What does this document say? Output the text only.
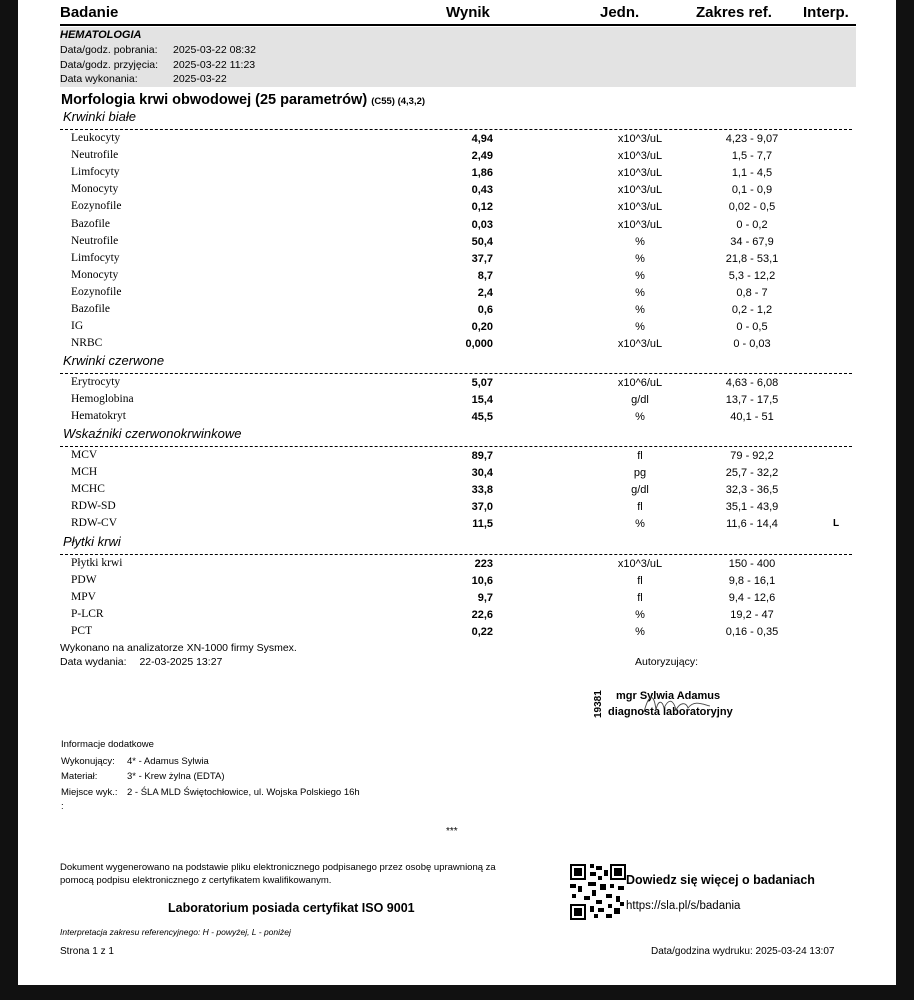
Badanie	Wynik	Jedn.	Zakres ref. Interp.
HEMATOLOGIA
Data/godz. pobrania: 2025-03-22 08:32
Data/godz. przyjęcia: 2025-03-22 11:23
Data wykonania:	2025-03-22
Morfologia krwi obwodowej (25 parametrów) (C55) (4,3,2)
Krwinki białe
Leukocyty	4,94	x10^3/uL	4,23 - 9,07
Neutrofile	2,49	x10^3/uL	1,5 - 7,7
Limfocyty	1,86	x10^3/uL	1,1 - 4,5
Monocyty	0,43	x10^3/uL	0,1 - 0,9
Eozynofile	0,12	x10^3/uL	0,02 - 0,5
Bazofile	0,03	x10^3/uL	0 - 0,2
Neutrofile	50,4	%	34 - 67,9
Limfocyty	37,7	%	21,8 - 53,1
Monocyty	8,7	%	5,3 - 12,2
Eozynofile	2,4	%	0,8 - 7
Bazofile	0,6	%	0,2 - 1,2
IG	0,20	%	0 - 0,5
NRBC	0,000	x10^3/uL	0 - 0,03
Krwinki czerwone
Erytrocyty	5,07	x10^6/uL	4,63 - 6,08
Hemoglobina	15,4	g/dl	13,7 - 17,5
Hematokryt	45,5	%	40,1 - 51
Wskaźniki czerwonokrwinkowe
MCV	89,7	fl	79 - 92,2
MCH	30,4	pg	25,7 - 32,2
MCHC	33,8	g/dl	32,3 - 36,5
RDW-SD	37,0	fl	35,1 - 43,9
RDW-CV	11,5	%	11,6 - 14,4	L
Płytki krwi
Płytki krwi	223	x10^3/uL	150 - 400
PDW	10,6	fl	9,8 - 16,1
MPV	9,7	fl	9,4 - 12,6
P-LCR	22,6	%	19,2 - 47
PCT	0,22	%	0,16 - 0,35
Wykonano na analizatorze XN-1000 firmy Sysmex.
Data wydania: 22-03-2025 13:27	Autoryzujący:
19381 mgr Sylwia Adamus
diagnosta laboratoryjny
Informacje dodatkowe
Wykonujący: 4* - Adamus Sylwia
Materiał:	3* - Krew żylna (EDTA)
Miejsce wyk.: 2 - ŚLA MLD Świętochłowice, ul. Wojska Polskiego 16h
:
***
Dokument wygenerowano na podstawie pliku elektronicznego podpisanego przez osobę uprawnioną za
pomocą podpisu elektronicznego z certyfikatem kwalifikowanym.
Laboratorium posiada certyfikat ISO 9001
Dowiedz się więcej o badaniach
https://sla.pl/s/badania
Interpretacja zakresu referencyjnego: H - powyżej, L - poniżej
Strona 1 z 1	Data/godzina wydruku: 2025-03-24 13:07
